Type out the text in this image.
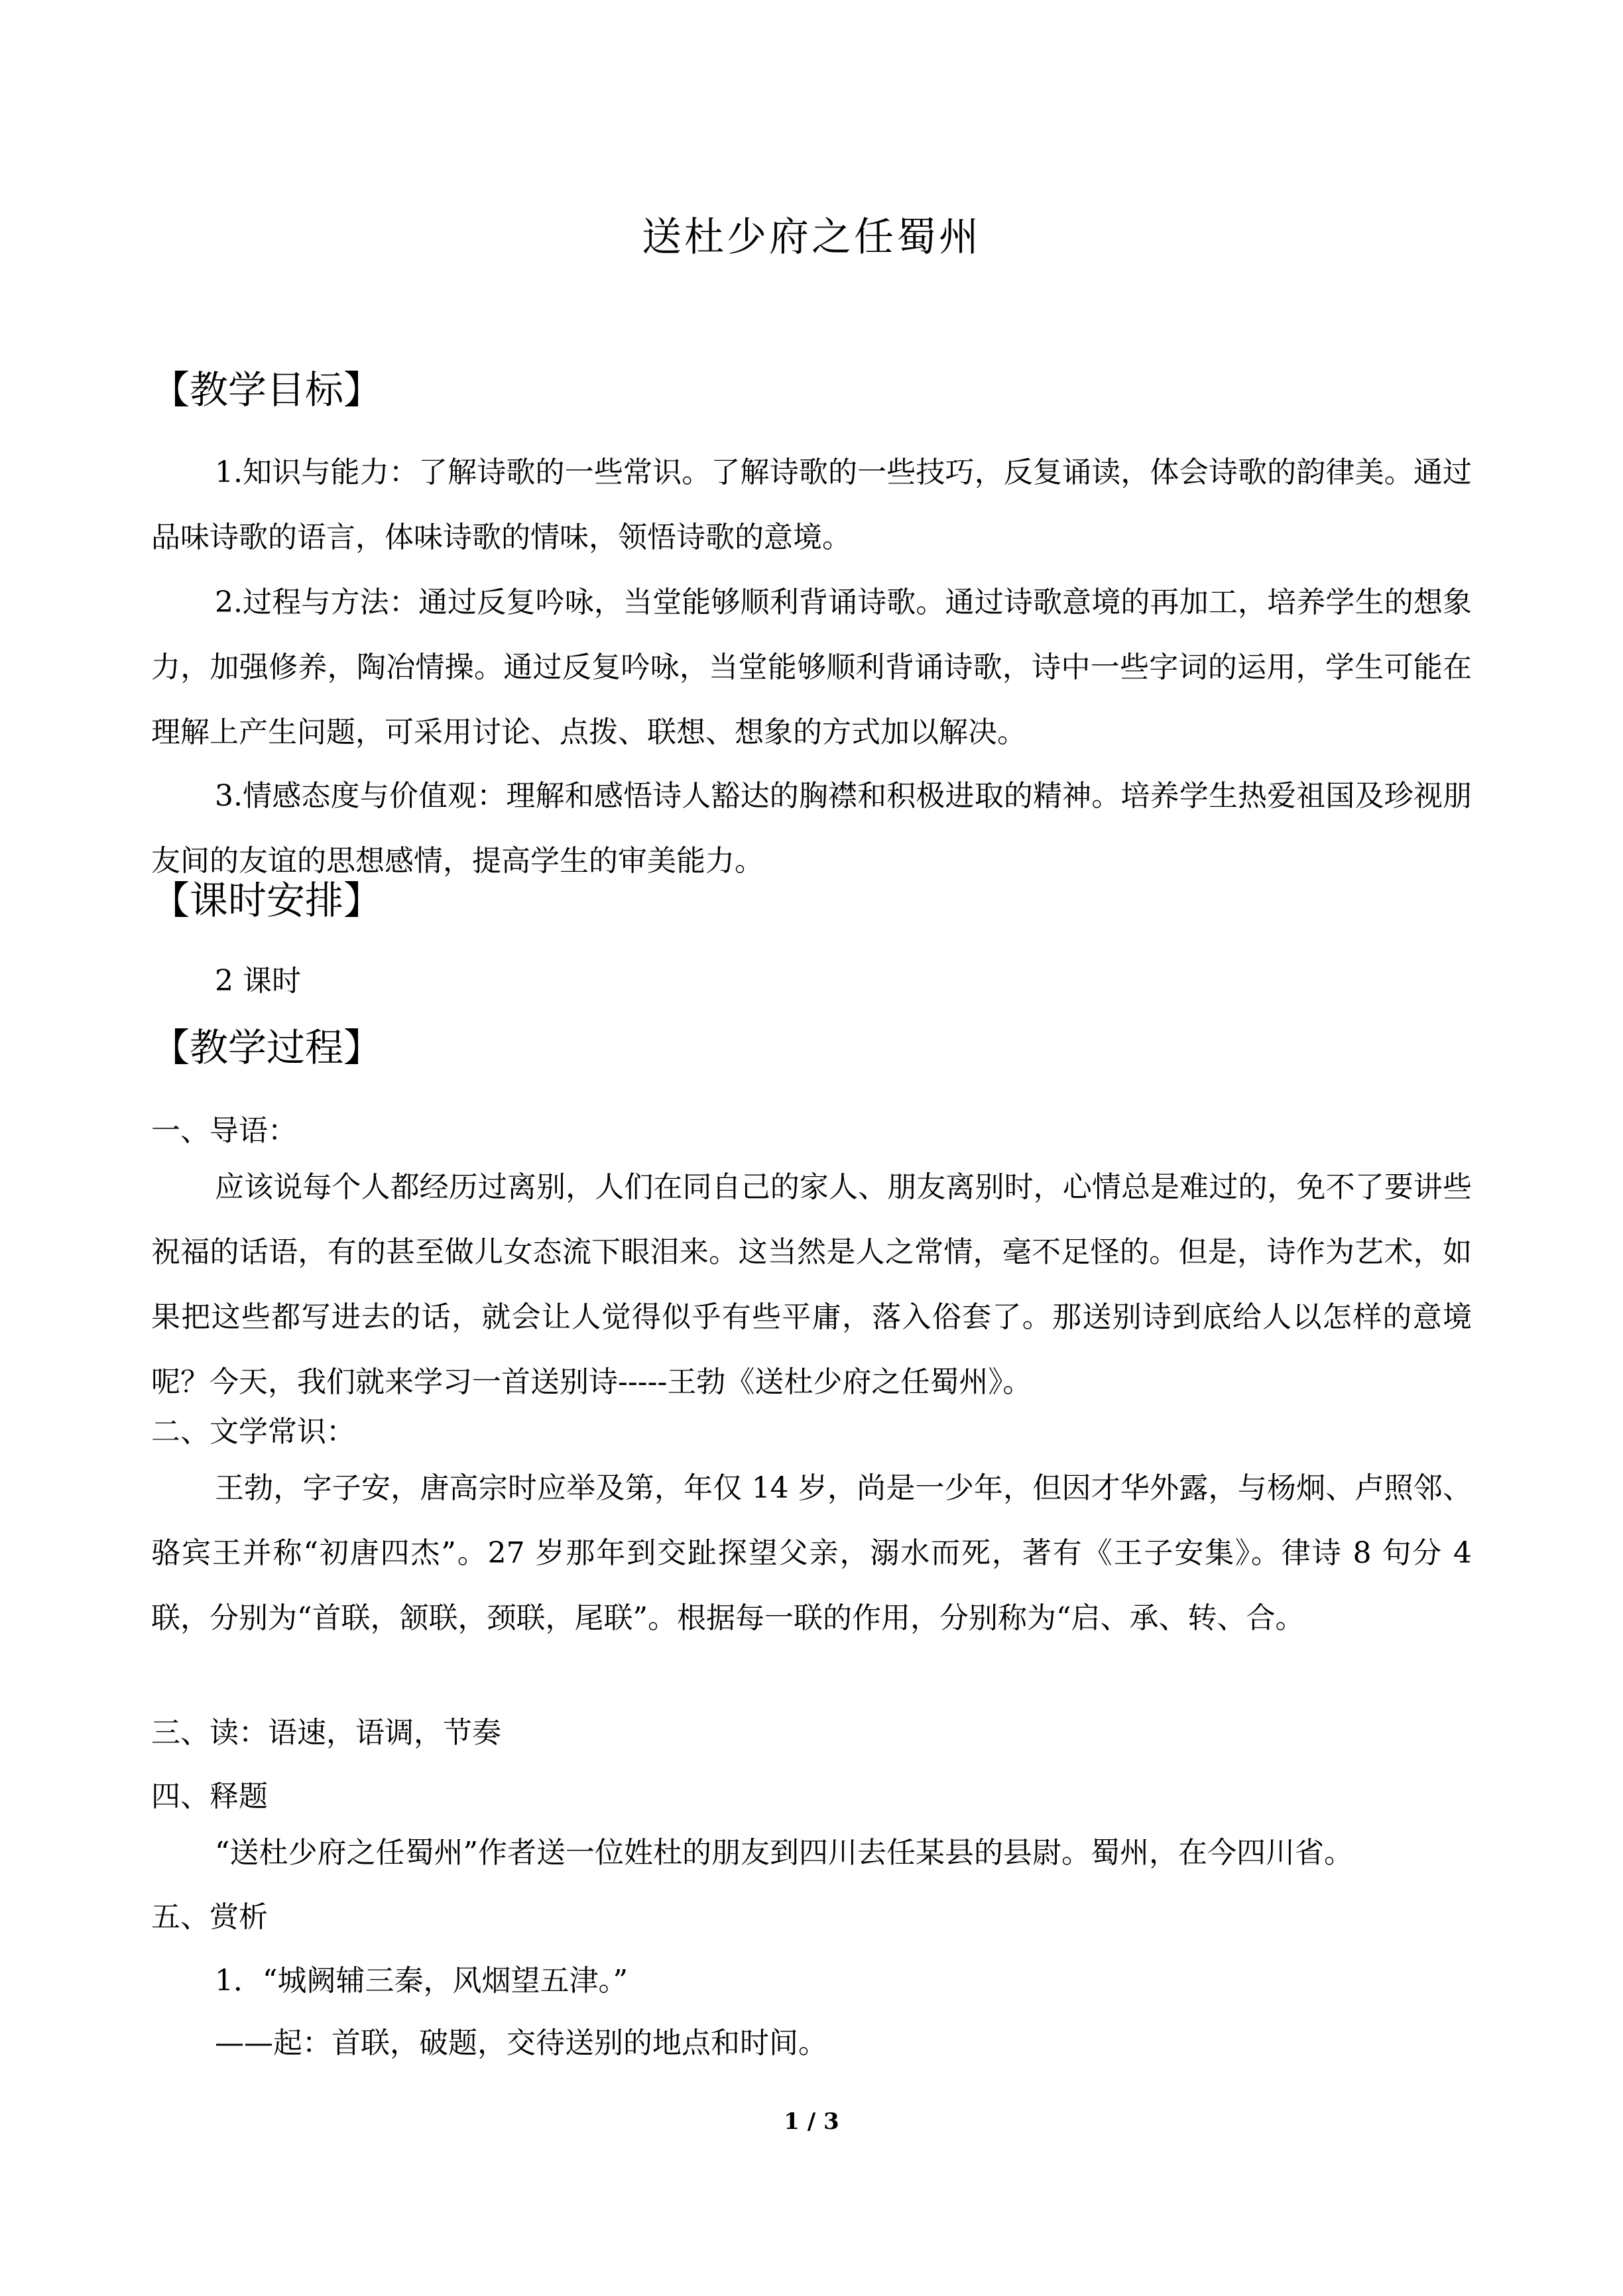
送杜少府之任蜀州
【教学目标】

1.知识与能力：了解诗歌的一些常识。了解诗歌的一些技巧，反复诵读，体会诗歌的韵律美。通过品味诗歌的语言，体味诗歌的情味，领悟诗歌的意境。

2.过程与方法：通过反复吟咏，当堂能够顺利背诵诗歌。通过诗歌意境的再加工，培养学生的想象力，加强修养，陶冶情操。通过反复吟咏，当堂能够顺利背诵诗歌，诗中一些字词的运用，学生可能在理解上产生问题，可采用讨论、点拨、联想、想象的方式加以解决。

3.情感态度与价值观：理解和感悟诗人豁达的胸襟和积极进取的精神。培养学生热爱祖国及珍视朋友间的友谊的思想感情，提高学生的审美能力。

【课时安排】

2 课时

【教学过程】

一、导语：

应该说每个人都经历过离别，人们在同自己的家人、朋友离别时，心情总是难过的，免不了要讲些祝福的话语，有的甚至做儿女态流下眼泪来。这当然是人之常情，毫不足怪的。但是，诗作为艺术，如果把这些都写进去的话，就会让人觉得似乎有些平庸，落入俗套了。那送别诗到底给人以怎样的意境呢？今天，我们就来学习一首送别诗-----王勃《送杜少府之任蜀州》。

二、文学常识：

王勃，字子安，唐高宗时应举及第，年仅 14 岁，尚是一少年，但因才华外露，与杨炯、卢照邻、骆宾王并称“初唐四杰”。27 岁那年到交趾探望父亲，溺水而死，著有《王子安集》。律诗 8 句分 4 联，分别为“首联，颔联，颈联，尾联”。根据每一联的作用，分别称为“启、承、转、合。

三、读：语速，语调，节奏

四、释题

“送杜少府之任蜀州”作者送一位姓杜的朋友到四川去任某县的县尉。蜀州，在今四川省。

五、赏析

1．“城阙辅三秦，风烟望五津。”

——起：首联，破题，交待送别的地点和时间。

1 / 3
